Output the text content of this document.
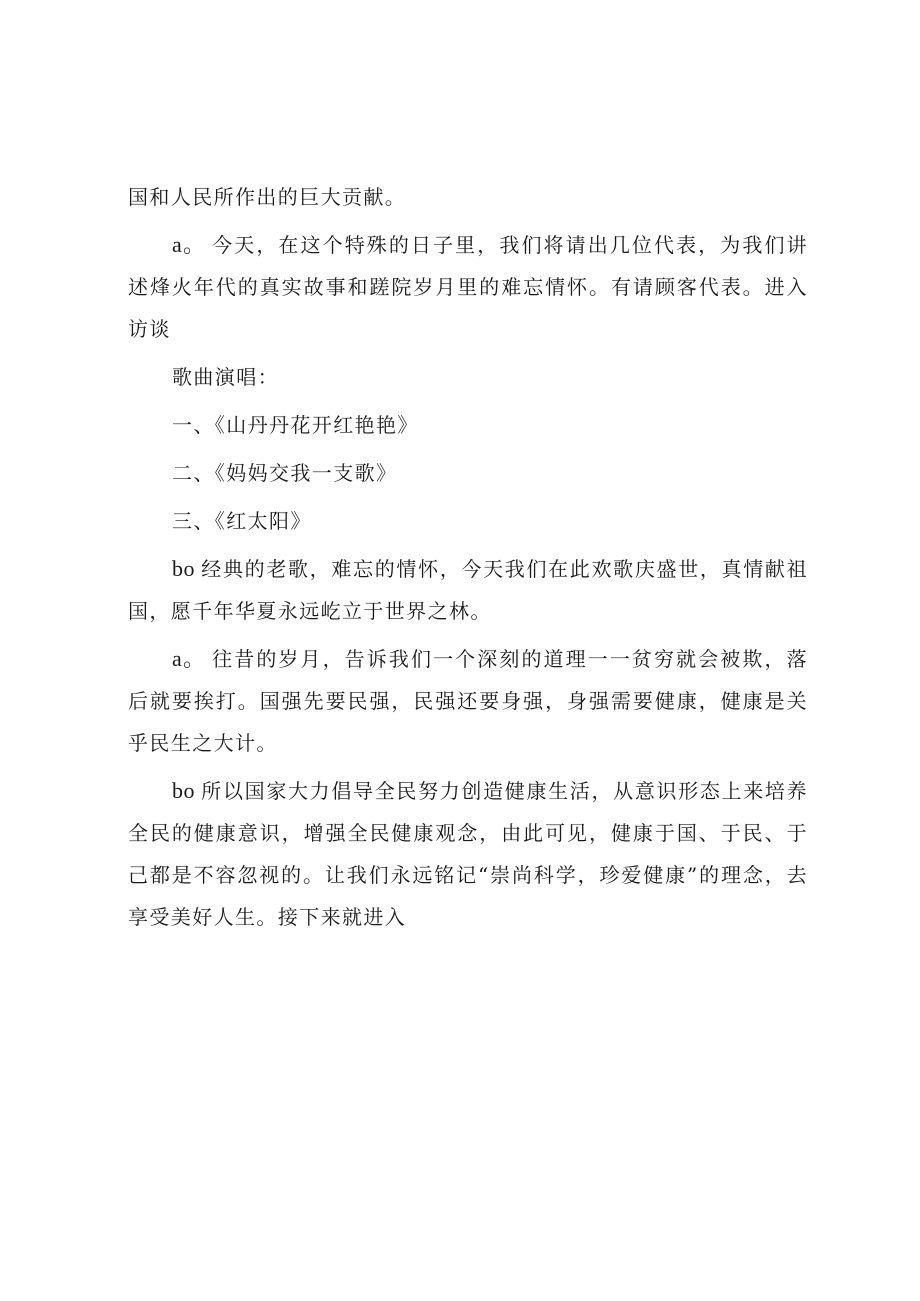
国和人民所作出的巨大贡献。

a。 今天，在这个特殊的日子里，我们将请出几位代表，为我们讲述烽火年代的真实故事和蹉院岁月里的难忘情怀。有请顾客代表。进入访谈

歌曲演唱：

一、《山丹丹花开红艳艳》

二、《妈妈交我一支歌》

三、《红太阳》

bo 经典的老歌，难忘的情怀，今天我们在此欢歌庆盛世，真情献祖国，愿千年华夏永远屹立于世界之林。

a。 往昔的岁月，告诉我们一个深刻的道理一一贫穷就会被欺，落后就要挨打。国强先要民强，民强还要身强，身强需要健康，健康是关乎民生之大计。

bo 所以国家大力倡导全民努力创造健康生活，从意识形态上来培养全民的健康意识，增强全民健康观念，由此可见，健康于国、于民、于己都是不容忽视的。让我们永远铭记“崇尚科学，珍爱健康”的理念，去享受美好人生。接下来就进入
